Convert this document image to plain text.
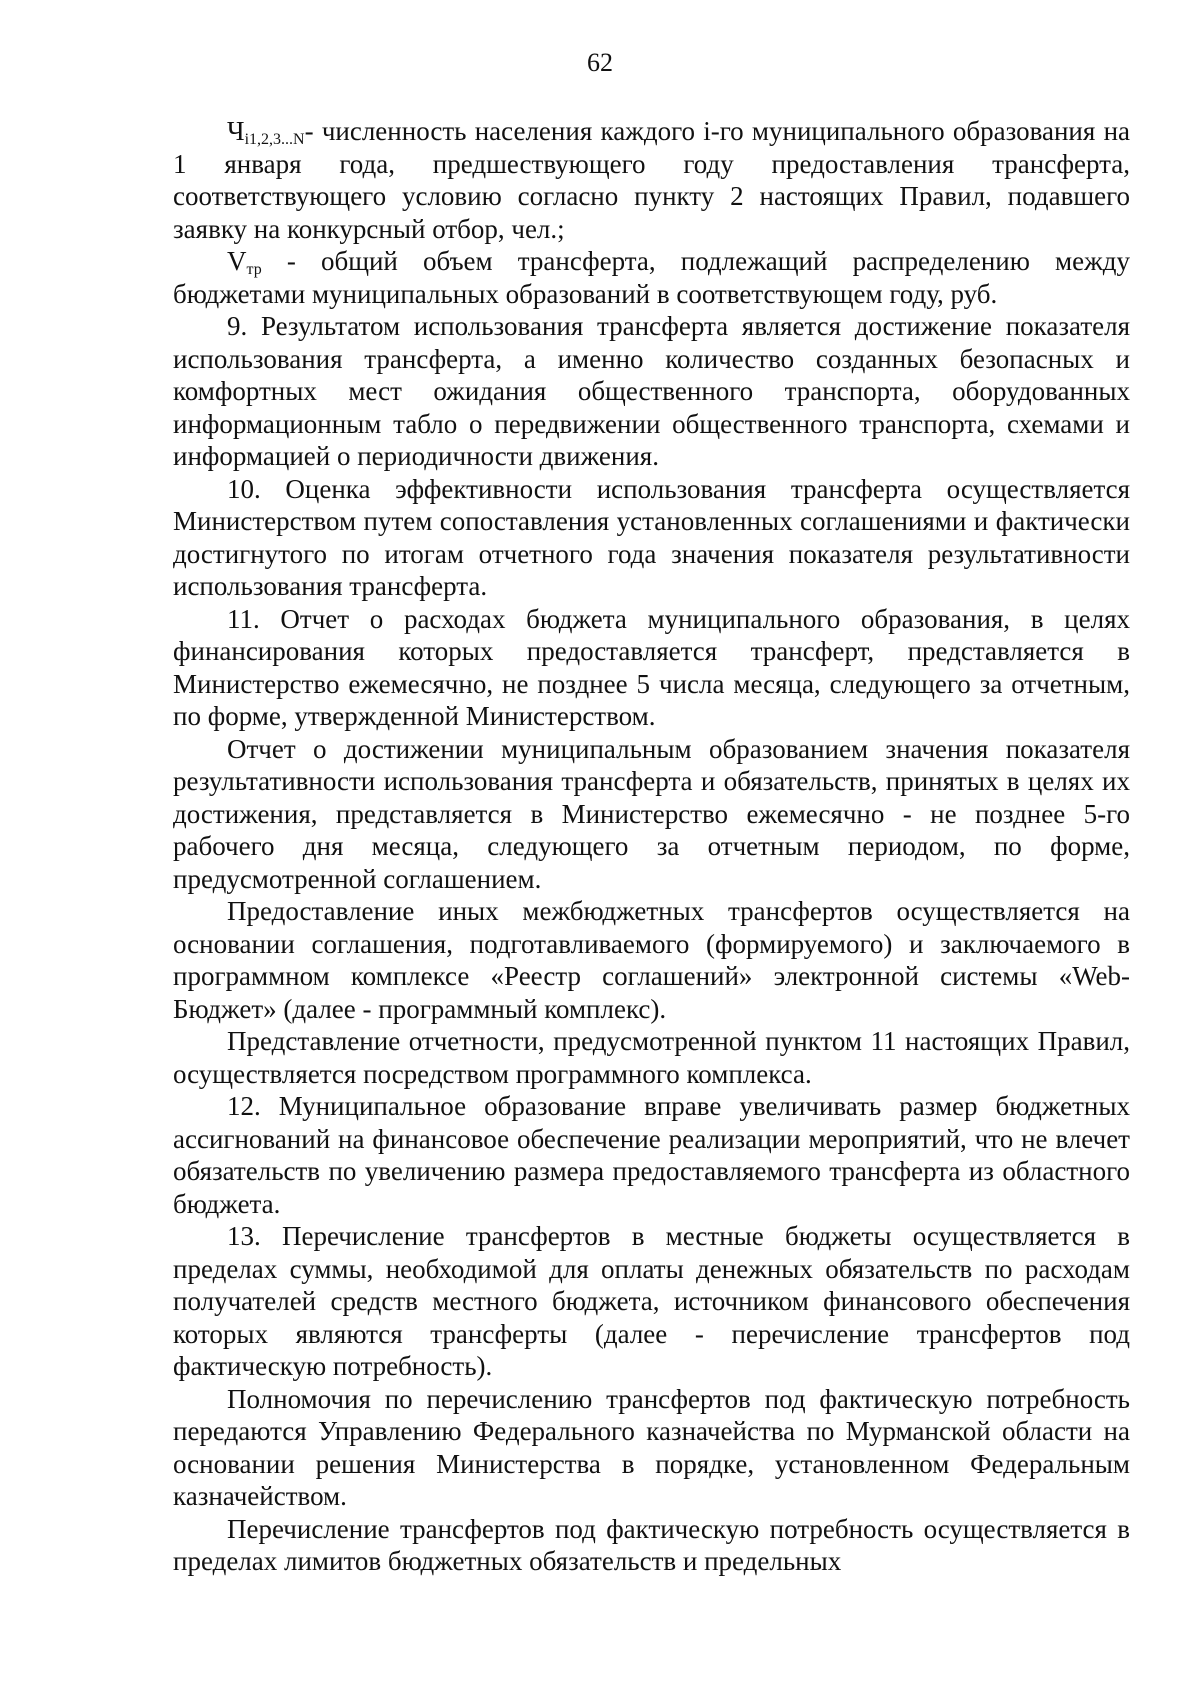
62

$Ч_{i1,2,3...N}-$ численность населения каждого i-го муниципального образования на 1 января года, предшествующего году предоставления трансферта, соответствующего условию согласно пункту 2 настоящих Правил, подавшего заявку на конкурсный отбор, чел.;

$V_{тр}$ - общий объем трансферта, подлежащий распределению между бюджетами муниципальных образований в соответствующем году, руб.

9. Результатом использования трансферта является достижение показателя использования трансферта, а именно количество созданных безопасных и комфортных мест ожидания общественного транспорта, оборудованных информационным табло о передвижении общественного транспорта, схемами и информацией о периодичности движения.

10. Оценка эффективности использования трансферта осуществляется Министерством путем сопоставления установленных соглашениями и фактически достигнутого по итогам отчетного года значения показателя результативности использования трансферта.

11. Отчет о расходах бюджета муниципального образования, в целях финансирования которых предоставляется трансферт, представляется в Министерство ежемесячно, не позднее 5 числа месяца, следующего за отчетным, по форме, утвержденной Министерством.

Отчет о достижении муниципальным образованием значения показателя результативности использования трансферта и обязательств, принятых в целях их достижения, представляется в Министерство ежемесячно - не позднее 5-го рабочего дня месяца, следующего за отчетным периодом, по форме, предусмотренной соглашением.

Предоставление иных межбюджетных трансфертов осуществляется на основании соглашения, подготавливаемого (формируемого) и заключаемого в программном комплексе «Реестр соглашений» электронной системы «Web-Бюджет» (далее - программный комплекс).

Представление отчетности, предусмотренной пунктом 11 настоящих Правил, осуществляется посредством программного комплекса.

12. Муниципальное образование вправе увеличивать размер бюджетных ассигнований на финансовое обеспечение реализации мероприятий, что не влечет обязательств по увеличению размера предоставляемого трансферта из областного бюджета.

13. Перечисление трансфертов в местные бюджеты осуществляется в пределах суммы, необходимой для оплаты денежных обязательств по расходам получателей средств местного бюджета, источником финансового обеспечения которых являются трансферты (далее - перечисление трансфертов под фактическую потребность).

Полномочия по перечислению трансфертов под фактическую потребность передаются Управлению Федерального казначейства по Мурманской области на основании решения Министерства в порядке, установленном Федеральным казначейством.

Перечисление трансфертов под фактическую потребность осуществляется в пределах лимитов бюджетных обязательств и предельных
